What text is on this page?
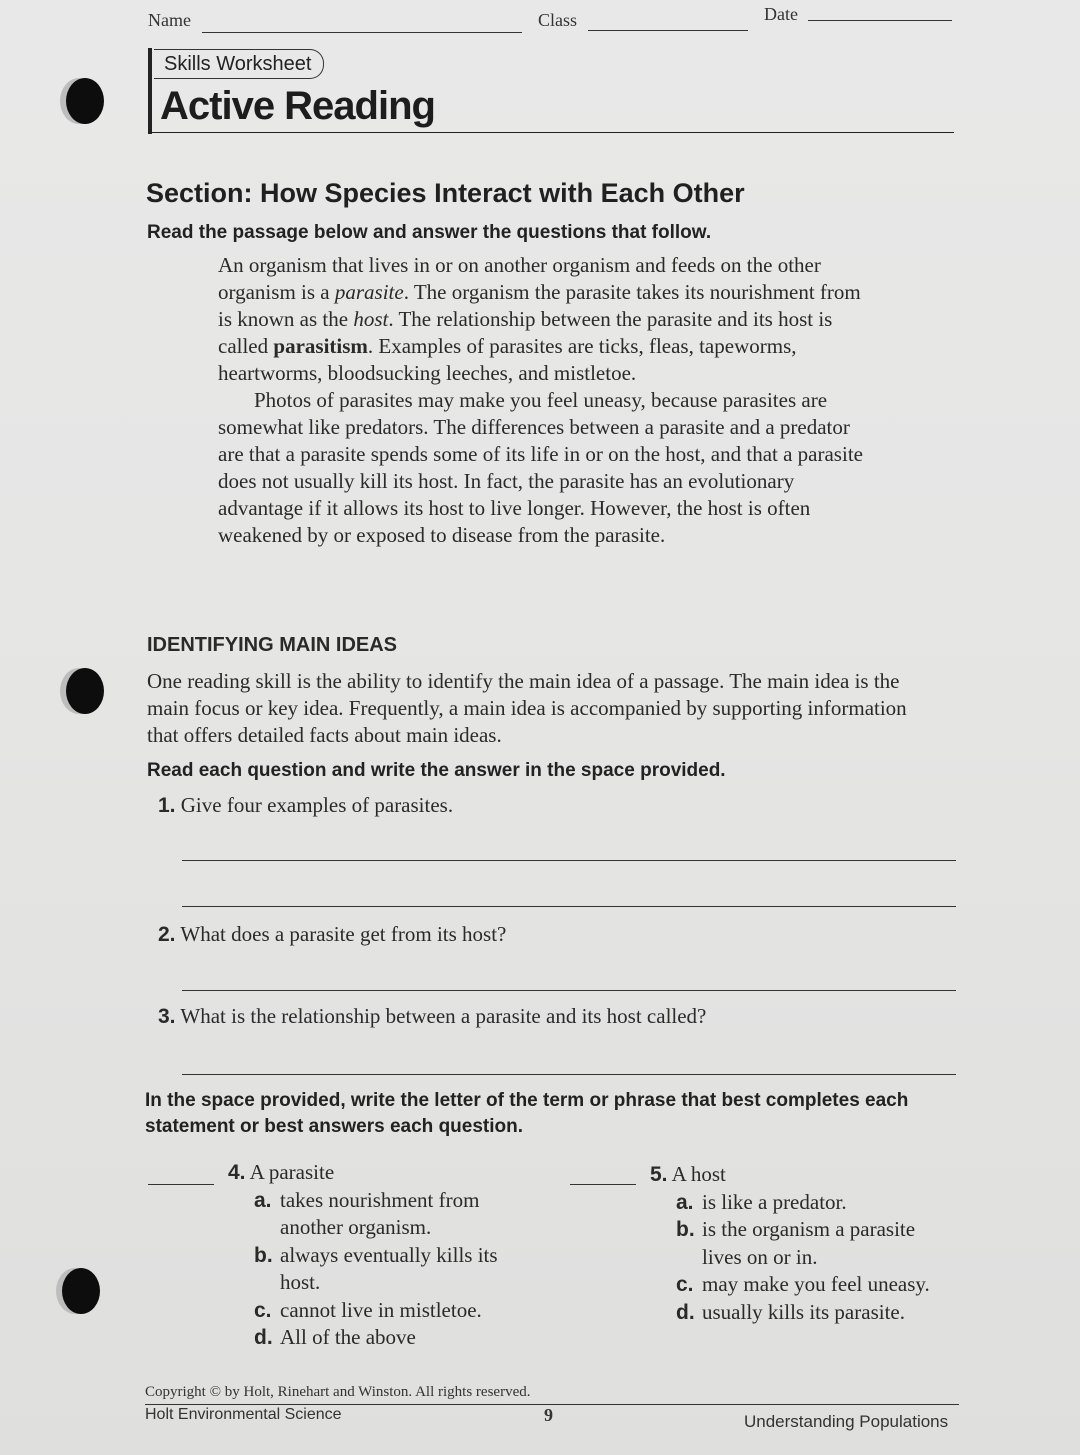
Name	Class	Date
Skills Worksheet
Active Reading
Section: How Species Interact with Each Other
Read the passage below and answer the questions that follow.

An organism that lives in or on another organism and feeds on the other organism is a parasite. The organism the parasite takes its nourishment from is known as the host. The relationship between the parasite and its host is called parasitism. Examples of parasites are ticks, fleas, tapeworms, heartworms, bloodsucking leeches, and mistletoe.

Photos of parasites may make you feel uneasy, because parasites are somewhat like predators. The differences between a parasite and a predator are that a parasite spends some of its life in or on the host, and that a parasite does not usually kill its host. In fact, the parasite has an evolutionary advantage if it allows its host to live longer. However, the host is often weakened by or exposed to disease from the parasite.

IDENTIFYING MAIN IDEAS
One reading skill is the ability to identify the main idea of a passage. The main idea is the main focus or key idea. Frequently, a main idea is accompanied by supporting information that offers detailed facts about main ideas.
Read each question and write the answer in the space provided.
1. Give four examples of parasites.
2. What does a parasite get from its host?
3. What is the relationship between a parasite and its host called?
In the space provided, write the letter of the term or phrase that best completes each statement or best answers each question.
4. A parasite
a. takes nourishment from another organism.
b. always eventually kills its host.
c. cannot live in mistletoe.
d. All of the above
5. A host
a. is like a predator.
b. is the organism a parasite lives on or in.
c. may make you feel uneasy.
d. usually kills its parasite.
Copyright © by Holt, Rinehart and Winston. All rights reserved.
Holt Environmental Science	9	Understanding Populations
